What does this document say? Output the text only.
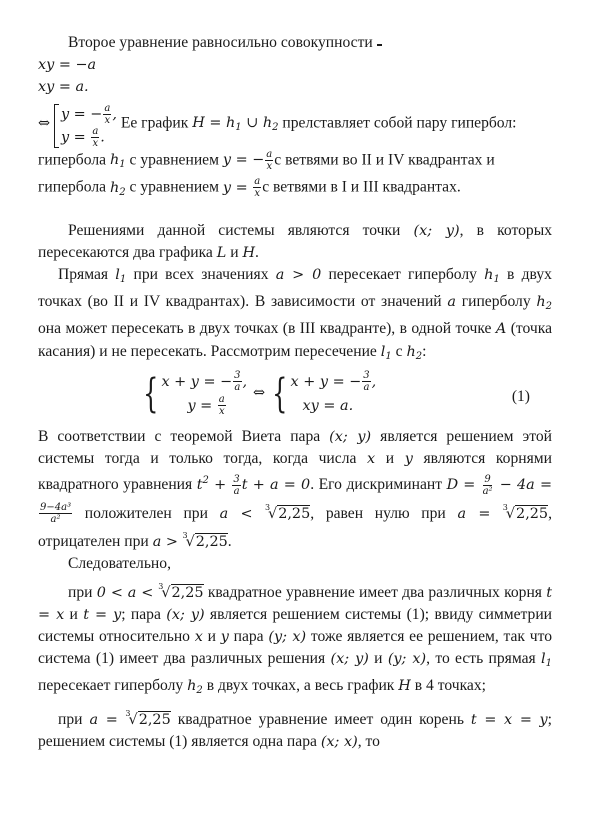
Второе уравнение равносильно совокупности

xy = −a
xy = a.
⇔
y = − $\frac{a}{x}$ ,
$y = \frac{a}{x}$ .
Ее график $H = h_1$ ∪ $h_2$ прелставляет собой пару гипербол: гипербола $h_1$ с уравнением y = − $\frac{a}{x}$ с ветвями во II и IV квадрантах и гипербола $h_2$ с уравнением $y = \frac{a}{x}$ с ветвями в I и III квадрантах.

Решениями данной системы являются точки (x; y), в которых пересекаются два графика L и H.

Прямая $l_1$ при всех значениях a > 0 пересекает гиперболу $h_1$ в двух точках (во II и IV квадрантах). В зависимости от значений a гиперболу $h_2$ она может пересекать в двух точках (в III квадранте), в одной точке A (точка касания) и не пересекать. Рассмотрим пересечение $l_1$ с $h_2$:

{ x + y = − $\frac{3}{a}$ ,
$y = \frac{a}{x}$
⇔ { x + y = − $\frac{3}{a}$ ,
xy = a.
(1)

В соответствии с теоремой Виета пара (x; y) является решением этой системы тогда и только тогда, когда числа x и y являются корнями квадратного уравнения $t^2 + \frac{3}{a}$ t + a = 0. Его дискриминант $D = \frac{9}{\text{a²}} - 4a$ =
$\frac{\text{9−4a³}}{\text{a²}}$ положителен при a < $^3$√2,25, равен нулю при a = $^3$√2,25, отрицателен при a > $^3$√2,25.

Следовательно,

при 0 < a < $^3$√2,25 квадратное уравнение имеет два различных корня t = x и t = y; пара (x; y) является решением системы (1); ввиду симметрии системы относительно x и y пара (y; x) тоже является ее решением, так что система (1) имеет два различных решения (x; y) и (y; x), то есть прямая $l_1$ пересекает гиперболу $h_2$ в двух точках, а весь график H в 4 точках;

при a = $^3$√2,25 квадратное уравнение имеет один корень t = x = y; решением системы (1) является одна пара (x; x), то
